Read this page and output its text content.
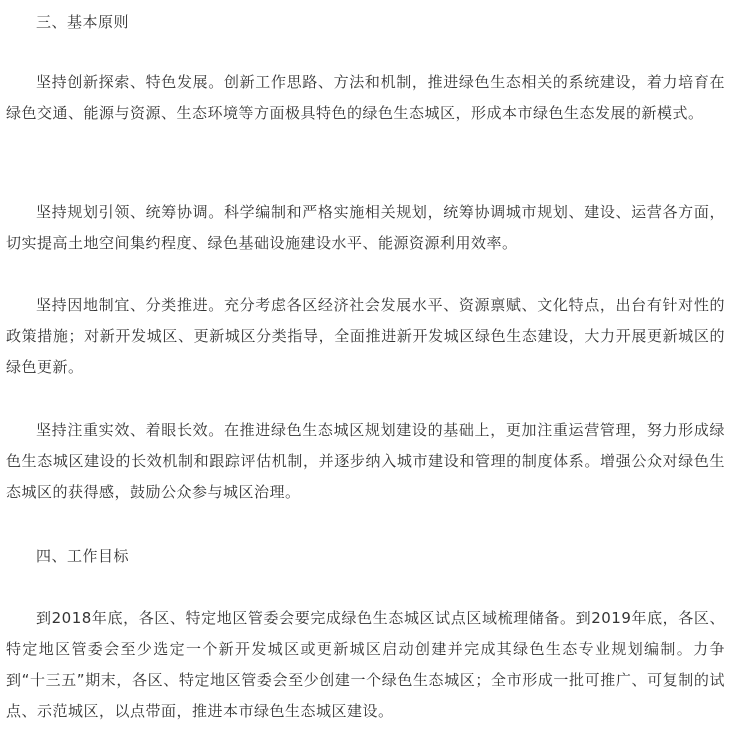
三、基本原则

坚持创新探索、特色发展。创新工作思路、方法和机制，推进绿色生态相关的系统建设，着力培育在绿色交通、能源与资源、生态环境等方面极具特色的绿色生态城区，形成本市绿色生态发展的新模式。

坚持规划引领、统筹协调。科学编制和严格实施相关规划，统筹协调城市规划、建设、运营各方面，切实提高土地空间集约程度、绿色基础设施建设水平、能源资源利用效率。

坚持因地制宜、分类推进。充分考虑各区经济社会发展水平、资源禀赋、文化特点，出台有针对性的政策措施；对新开发城区、更新城区分类指导，全面推进新开发城区绿色生态建设，大力开展更新城区的绿色更新。

坚持注重实效、着眼长效。在推进绿色生态城区规划建设的基础上，更加注重运营管理，努力形成绿色生态城区建设的长效机制和跟踪评估机制，并逐步纳入城市建设和管理的制度体系。增强公众对绿色生态城区的获得感，鼓励公众参与城区治理。

四、工作目标

到2018年底，各区、特定地区管委会要完成绿色生态城区试点区域梳理储备。到2019年底，各区、特定地区管委会至少选定一个新开发城区或更新城区启动创建并完成其绿色生态专业规划编制。力争到“十三五”期末，各区、特定地区管委会至少创建一个绿色生态城区；全市形成一批可推广、可复制的试点、示范城区，以点带面，推进本市绿色生态城区建设。
